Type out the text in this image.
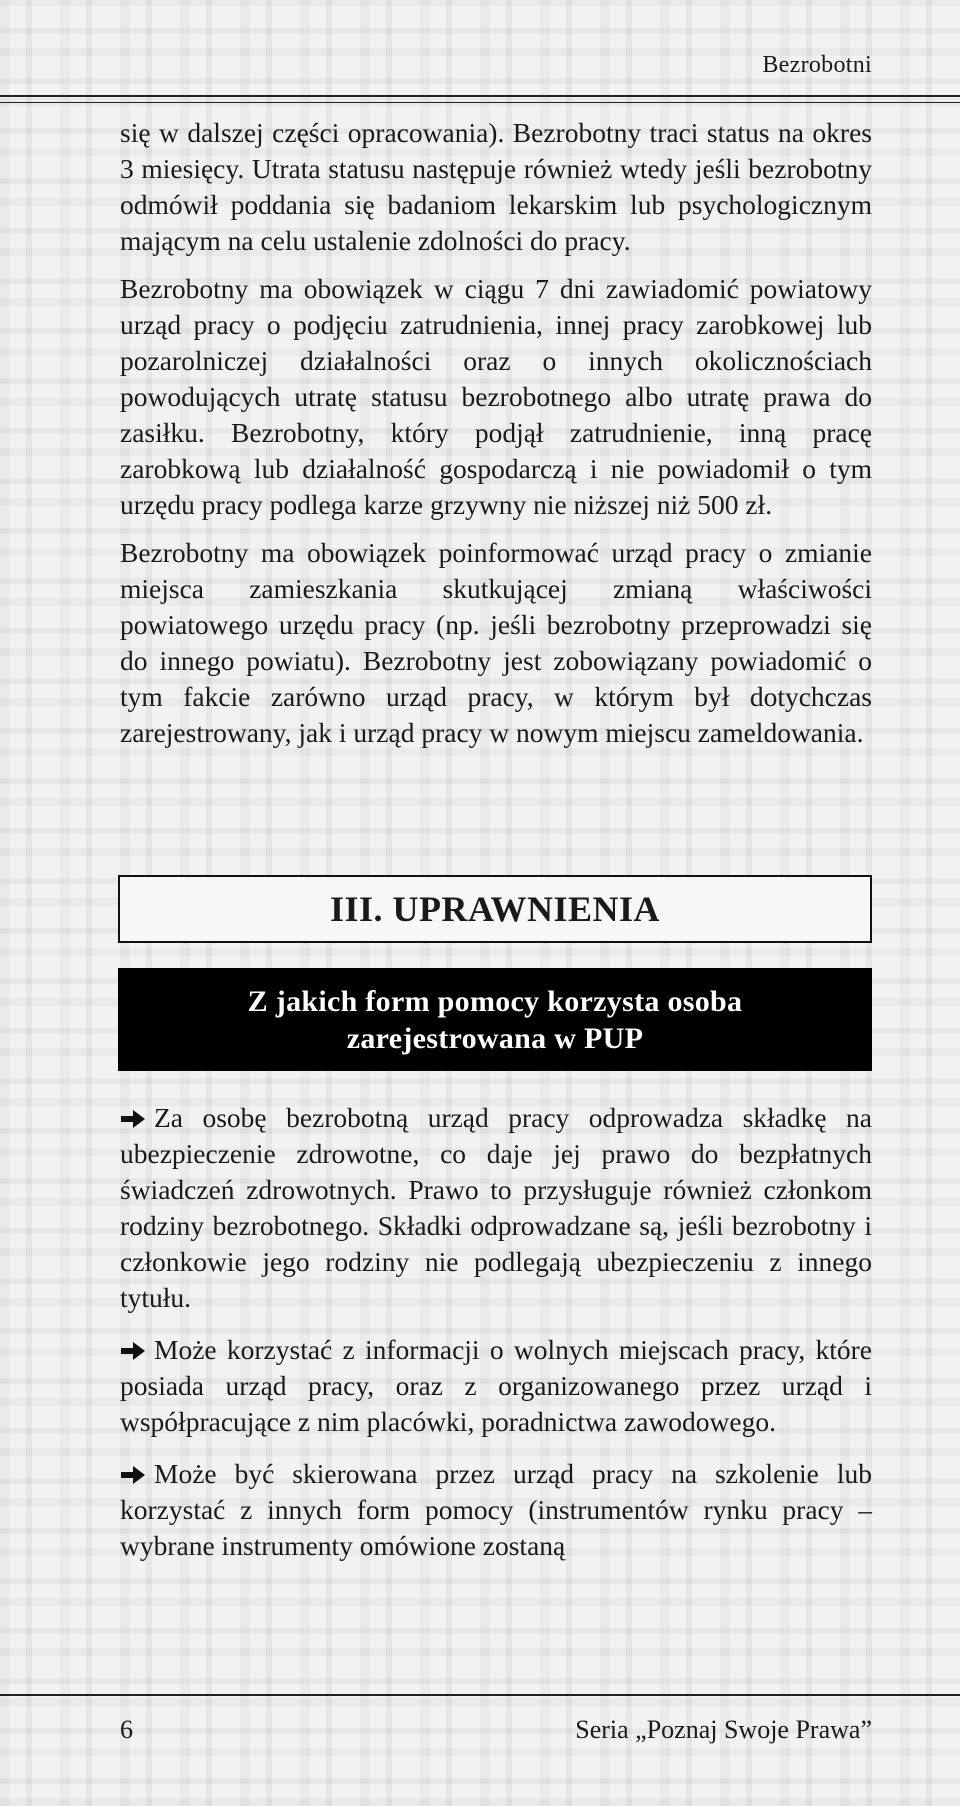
Bezrobotni

się w dalszej części opracowania). Bezrobotny traci status na okres 3 miesięcy. Utrata statusu następuje również wtedy jeśli bezrobotny odmówił poddania się badaniom lekarskim lub psychologicznym mającym na celu ustalenie zdolności do pracy.

Bezrobotny ma obowiązek w ciągu 7 dni zawiadomić powiatowy urząd pracy o podjęciu zatrudnienia, innej pracy zarobkowej lub pozarolniczej działalności oraz o innych okolicznościach powodujących utratę statusu bezrobotnego albo utratę prawa do zasiłku. Bezrobotny, który podjął zatrudnienie, inną pracę zarobkową lub działalność gospodarczą i nie powiadomił o tym urzędu pracy podlega karze grzywny nie niższej niż 500 zł.

Bezrobotny ma obowiązek poinformować urząd pracy o zmianie miejsca zamieszkania skutkującej zmianą właściwości powiatowego urzędu pracy (np. jeśli bezrobotny przeprowadzi się do innego powiatu). Bezrobotny jest zobowiązany powiadomić o tym fakcie zarówno urząd pracy, w którym był dotychczas zarejestrowany, jak i urząd pracy w nowym miejscu zameldowania.

III. UPRAWNIENIA
Z jakich form pomocy korzysta osoba
zarejestrowana w PUP

Za osobę bezrobotną urząd pracy odprowadza składkę na ubezpieczenie zdrowotne, co daje jej prawo do bezpłatnych świadczeń zdrowotnych. Prawo to przysługuje również członkom rodziny bezrobotnego. Składki odprowadzane są, jeśli bezrobotny i członkowie jego rodziny nie podlegają ubezpieczeniu z innego tytułu.

Może korzystać z informacji o wolnych miejscach pracy, które posiada urząd pracy, oraz z organizowanego przez urząd i współpracujące z nim placówki, poradnictwa zawodowego.

Może być skierowana przez urząd pracy na szkolenie lub korzystać z innych form pomocy (instrumentów rynku pracy – wybrane instrumenty omówione zostaną

6	Seria „Poznaj Swoje Prawa”
